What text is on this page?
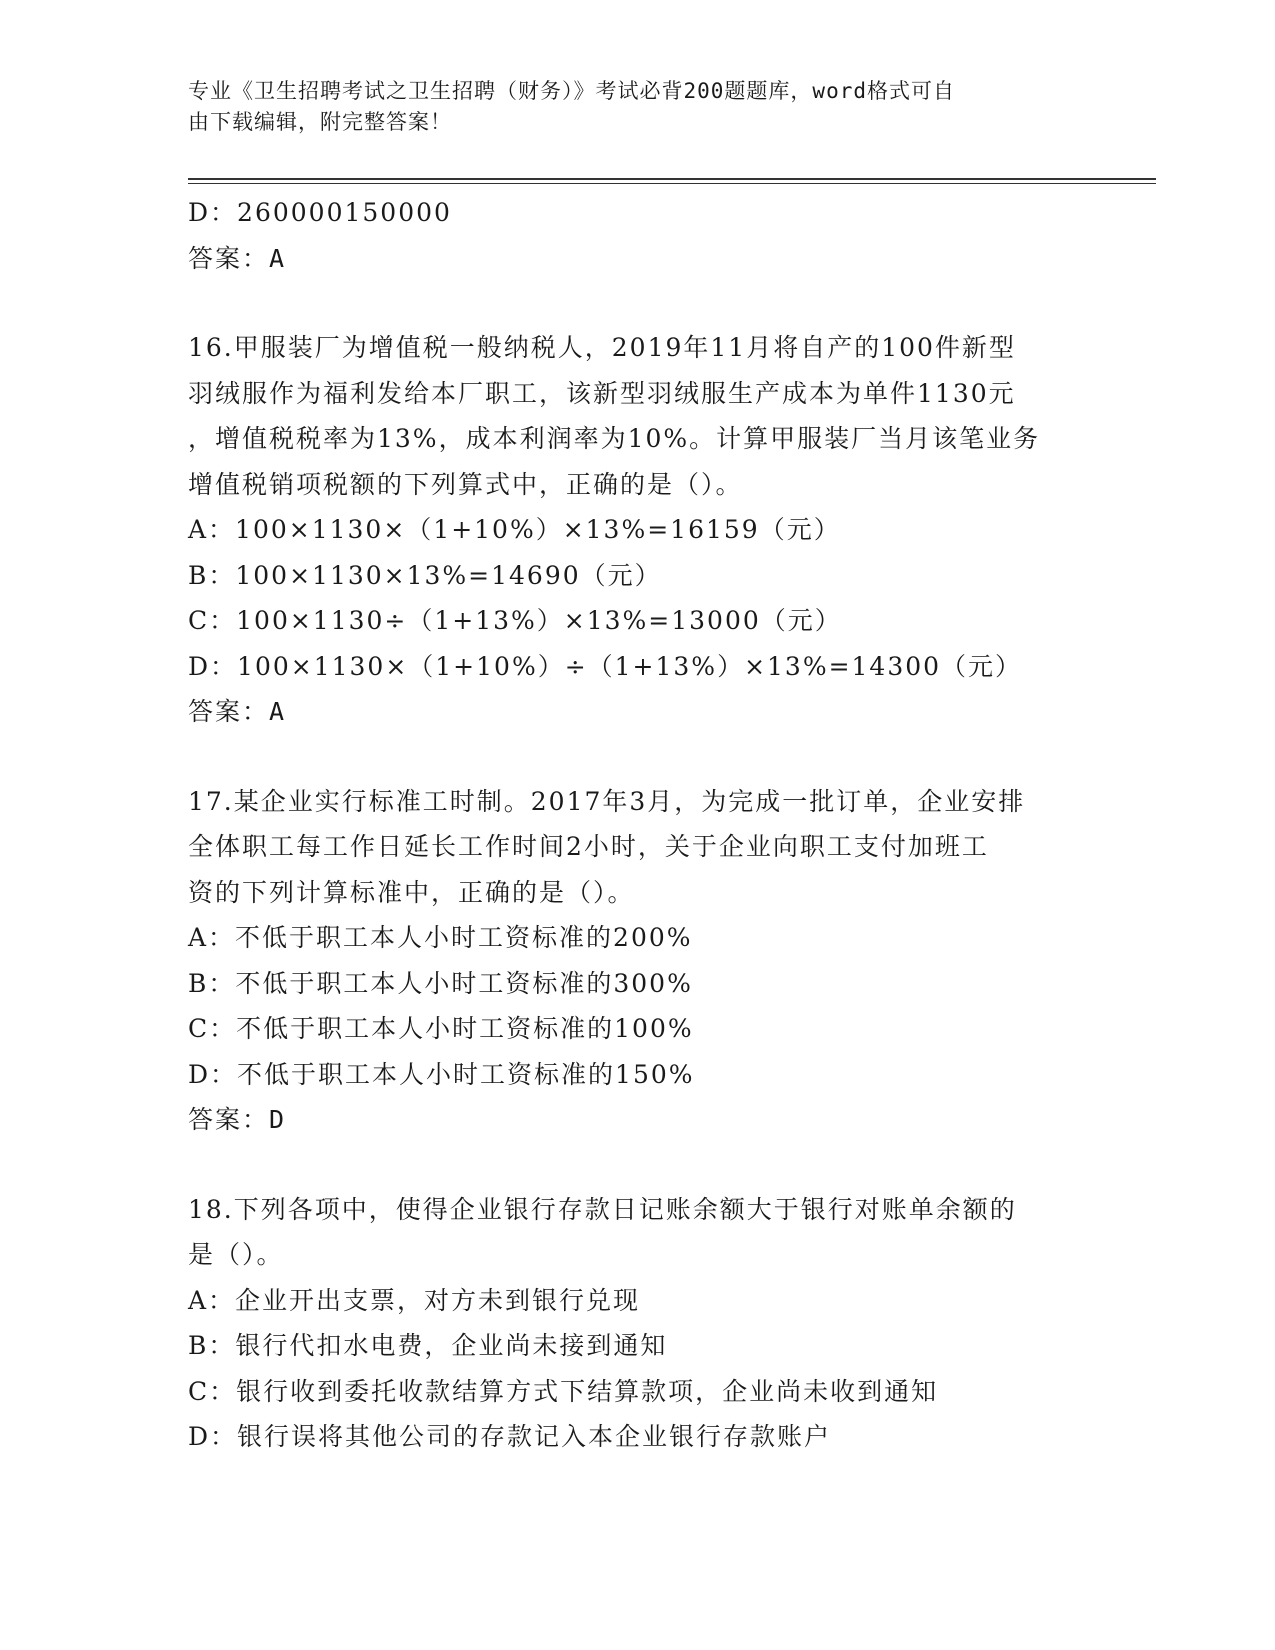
专业《卫生招聘考试之卫生招聘（财务）》考试必背200题题库，word格式可自
由下载编辑，附完整答案！
D：260000150000
答案：A
16.甲服装厂为增值税一般纳税人，2019年11月将自产的100件新型
羽绒服作为福利发给本厂职工，该新型羽绒服生产成本为单件1130元
，增值税税率为13%，成本利润率为10%。计算甲服装厂当月该笔业务
增值税销项税额的下列算式中，正确的是（）。
A：100×1130×（1+10%）×13%=16159（元）
B：100×1130×13%=14690（元）
C：100×1130÷（1+13%）×13%=13000（元）
D：100×1130×（1+10%）÷（1+13%）×13%=14300（元）
答案：A
17.某企业实行标准工时制。2017年3月，为完成一批订单，企业安排
全体职工每工作日延长工作时间2小时，关于企业向职工支付加班工
资的下列计算标准中，正确的是（）。
A：不低于职工本人小时工资标准的200%
B：不低于职工本人小时工资标准的300%
C：不低于职工本人小时工资标准的100%
D：不低于职工本人小时工资标准的150%
答案：D
18.下列各项中，使得企业银行存款日记账余额大于银行对账单余额的
是（）。
A：企业开出支票，对方未到银行兑现
B：银行代扣水电费，企业尚未接到通知
C：银行收到委托收款结算方式下结算款项，企业尚未收到通知
D：银行误将其他公司的存款记入本企业银行存款账户
